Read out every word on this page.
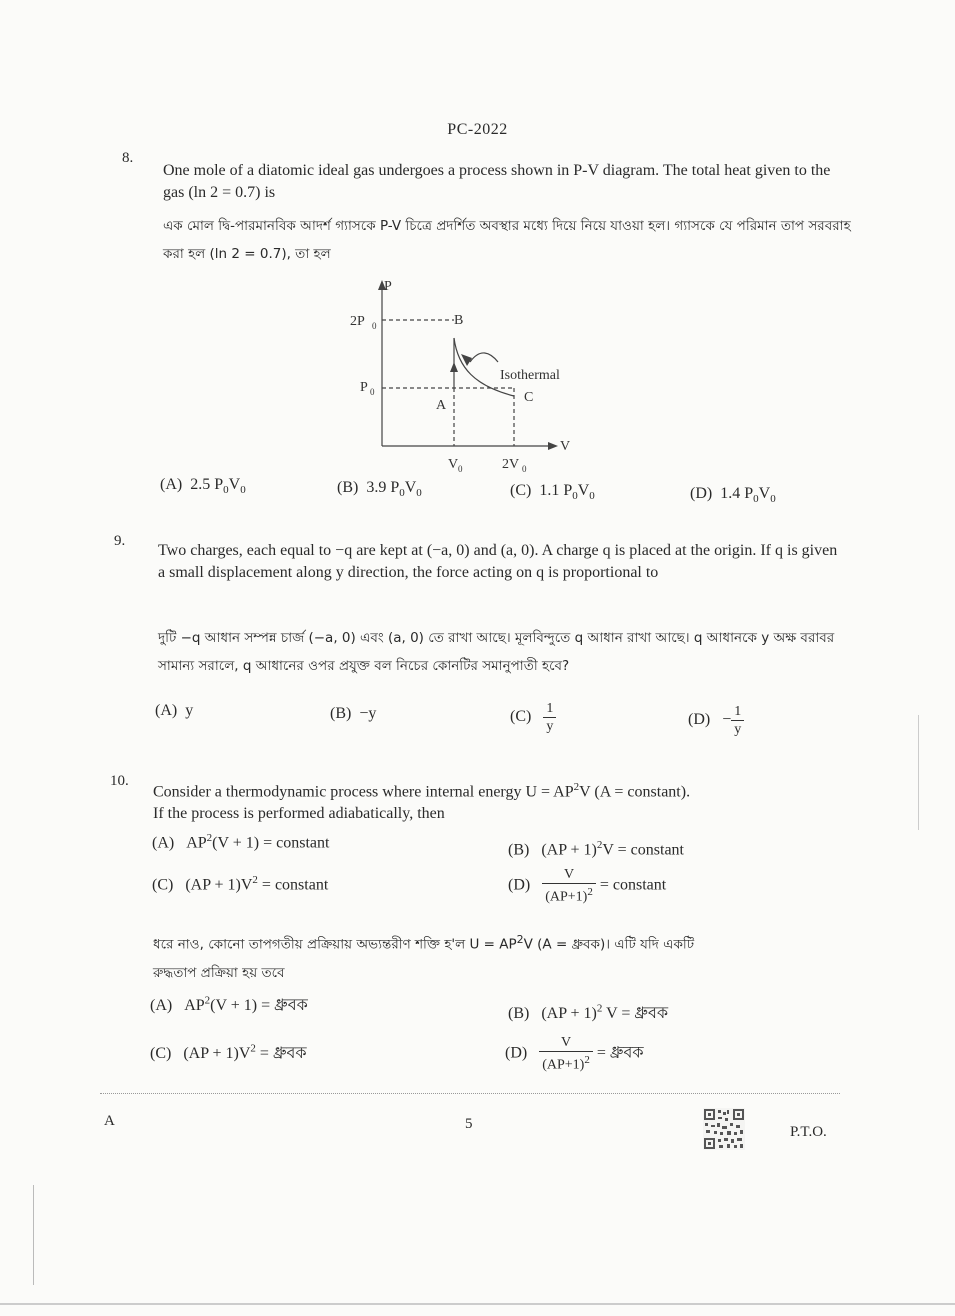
PC-2022
8.
One mole of a diatomic ideal gas undergoes a process shown in P-V diagram. The total heat given to the gas (ln 2 = 0.7) is
এক মোল দ্বি-পারমানবিক আদর্শ গ্যাসকে P-V চিত্রে প্রদর্শিত অবস্থার মধ্যে দিয়ে নিয়ে যাওয়া হল। গ্যাসকে যে পরিমান তাপ সরবরাহ করা হল (ln 2 = 0.7), তা হল
P
V
2P 0
P 0
V 0	2V 0
A
B
C
Isothermal
(A) 2.5 $P_0V_0$	(B) 3.9 $P_0V_0$	(C) 1.1 $P_0V_0$	(D) 1.4 $P_0V_0$
9.
Two charges, each equal to −q are kept at (−a, 0) and (a, 0). A charge q is placed at the origin. If q is given a small displacement along y direction, the force acting on q is proportional to
দুটি −q আধান সম্পন্ন চার্জ (−a, 0) এবং (a, 0) তে রাখা আছে। মূলবিন্দুতে q আধান রাখা আছে। q আধানকে y অক্ষ বরাবর সামান্য সরালে, q আধানের ওপর প্রযুক্ত বল নিচের কোনটির সমানুপাতী হবে?
(A) y	(B) −y	$(C) \frac{1}{y}$	$(D) - \frac{1}{y}$
10.
Consider a thermodynamic process where internal energy $U = AP^2V$ (A = constant).
If the process is performed adiabatically, then
(A) $AP^2(V + 1)$ = constant	(B) (AP + 1)$^2$V = constant
(C) $(AP + 1)V^2$ = constant	$(D) \frac{V}{(AP+1)^2}$ = constant
ধরে নাও, কোনো তাপগতীয় প্রক্রিয়ায় অভ্যন্তরীণ শক্তি হ'ল $U = AP^2V$ (A = ধ্রুবক)। এটি যদি একটি
রুদ্ধতাপ প্রক্রিয়া হয় তবে
(A) $AP^2(V + 1)$ = ধ্রুবক	(B) (AP + 1)$^2$ V = ধ্রুবক
(C) $(AP + 1)V^2$ = ধ্রুবক	$(D) \frac{V}{(AP+1)^2}$ = ধ্রুবক
A	5	P.T.O.
